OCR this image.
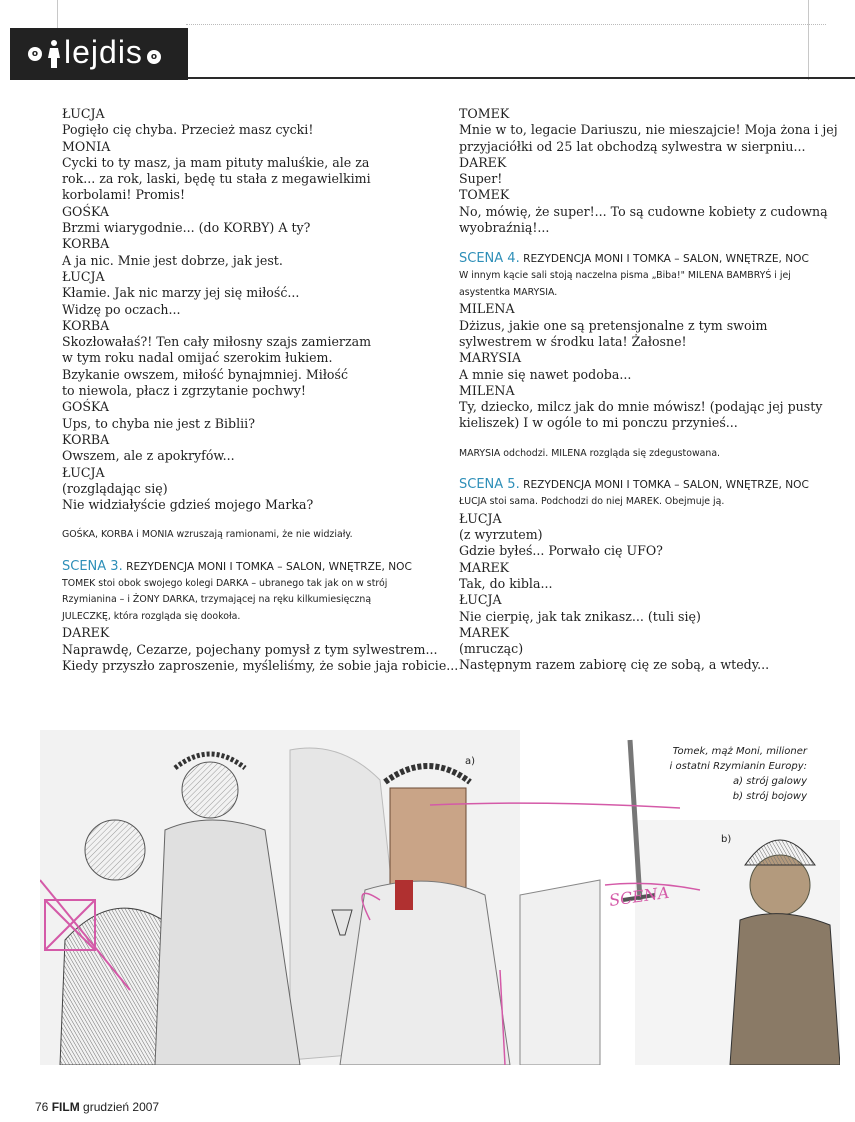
o lejdis o
ŁUCJA
Pogięło cię chyba. Przecież masz cycki!
MONIA
Cycki to ty masz, ja mam pituty maluśkie, ale za
rok... za rok, laski, będę tu stała z megawielkimi
korbolami! Promis!
GOŚKA
Brzmi wiarygodnie... (do KORBY) A ty?
KORBA
A ja nic. Mnie jest dobrze, jak jest.
ŁUCJA
Kłamie. Jak nic marzy jej się miłość...
Widzę po oczach...
KORBA
Skozłowałaś?! Ten cały miłosny szajs zamierzam
w tym roku nadal omijać szerokim łukiem.
Bzykanie owszem, miłość bynajmniej. Miłość
to niewola, płacz i zgrzytanie pochwy!
GOŚKA
Ups, to chyba nie jest z Biblii?
KORBA
Owszem, ale z apokryfów...
ŁUCJA
(rozglądając się)
Nie widziałyście gdzieś mojego Marka?
GOŚKA, KORBA i MONIA wzruszają ramionami, że nie widziały.
SCENA 3. REZYDENCJA MONI I TOMKA – SALON, WNĘTRZE, NOC
TOMEK stoi obok swojego kolegi DARKA – ubranego tak jak on w strój
Rzymianina – i ŻONY DARKA, trzymającej na ręku kilkumiesięczną
JULECZKĘ, która rozgląda się dookoła.
DAREK
Naprawdę, Cezarze, pojechany pomysł z tym sylwestrem...
Kiedy przyszło zaproszenie, myśleliśmy, że sobie jaja robicie...
TOMEK
Mnie w to, legacie Dariuszu, nie mieszajcie! Moja żona i jej
przyjaciółki od 25 lat obchodzą sylwestra w sierpniu...
DAREK
Super!
TOMEK
No, mówię, że super!... To są cudowne kobiety z cudowną
wyobraźnią!...
SCENA 4. REZYDENCJA MONI I TOMKA – SALON, WNĘTRZE, NOC
W innym kącie sali stoją naczelna pisma „Biba!" MILENA BAMBRYŚ i jej
asystentka MARYSIA.
MILENA
Dżizus, jakie one są pretensjonalne z tym swoim
sylwestrem w środku lata! Żałosne!
MARYSIA
A mnie się nawet podoba...
MILENA
Ty, dziecko, milcz jak do mnie mówisz! (podając jej pusty
kieliszek) I w ogóle to mi ponczu przynieś...
MARYSIA odchodzi. MILENA rozgląda się zdegustowana.
SCENA 5. REZYDENCJA MONI I TOMKA – SALON, WNĘTRZE, NOC
ŁUCJA stoi sama. Podchodzi do niej MAREK. Obejmuje ją.
ŁUCJA
(z wyrzutem)
Gdzie byłeś... Porwało cię UFO?
MAREK
Tak, do kibla...
ŁUCJA
Nie cierpię, jak tak znikasz... (tuli się)
MAREK
(mrucząc)
Następnym razem zabiorę cię ze sobą, a wtedy...
SCENA
a)
b)
Tomek, mąż Moni, milioner
i ostatni Rzymianin Europy:
a) strój galowy
b) strój bojowy
76 FILM grudzień 2007
